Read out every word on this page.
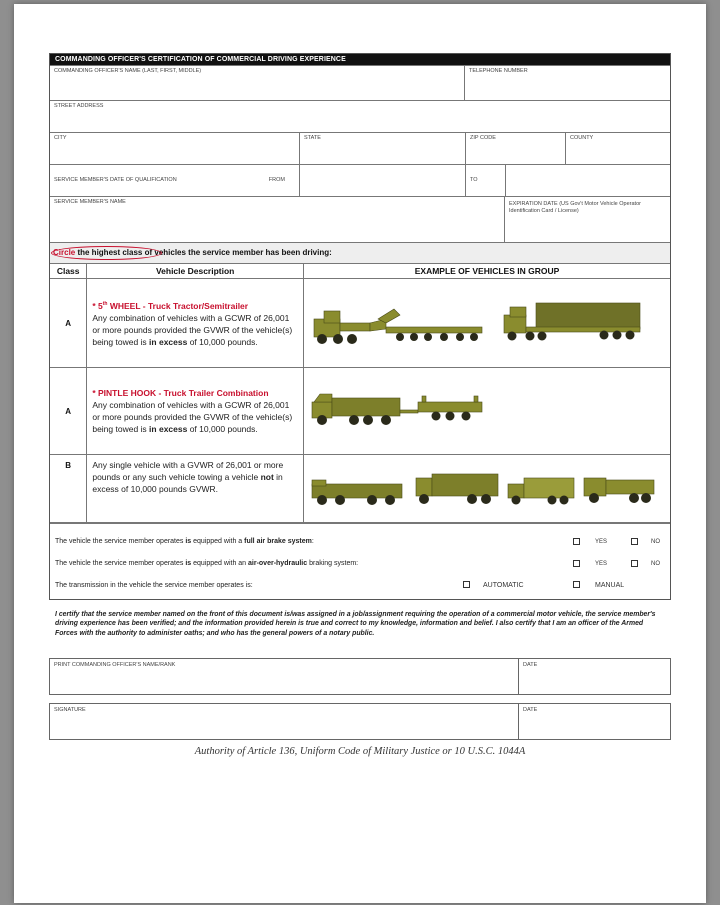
COMMANDING OFFICER'S CERTIFICATION OF COMMERCIAL DRIVING EXPERIENCE
COMMANDING OFFICER'S NAME (LAST, FIRST, MIDDLE)	TELEPHONE NUMBER
STREET ADDRESS
CITY	STATE	ZIP CODE	COUNTY
SERVICE MEMBER'S DATE OF QUALIFICATION	FROM	TO
SERVICE MEMBER'S NAME	EXPIRATION DATE (US Gov't Motor Vehicle Operator Identification Card / License)
Circle the highest class of vehicles the service member has been driving:
Class	Vehicle Description	EXAMPLE OF VEHICLES IN GROUP
A	* 5th WHEEL - Truck Tractor/Semitrailer
Any combination of vehicles with a GCWR of 26,001 or more pounds provided the GVWR of the vehicle(s) being towed is in excess of 10,000 pounds.	

A	* PINTLE HOOK - Truck Trailer Combination
Any combination of vehicles with a GCWR of 26,001 or more pounds provided the GVWR of the vehicle(s) being towed is in excess of 10,000 pounds.	

B	Any single vehicle with a GVWR of 26,001 or more pounds or any such vehicle towing a vehicle not in excess of 10,000 pounds GVWR.	
The vehicle the service member operates is equipped with a full air brake system:	YES	NO
The vehicle the service member operates is equipped with an air-over-hydraulic braking system:	YES	NO
The transmission in the vehicle the service member operates is:	AUTOMATIC	MANUAL
I certify that the service member named on the front of this document is/was assigned in a job/assignment requiring the operation of a commercial motor vehicle, the service member's driving experience has been verified; and the information provided herein is true and correct to my knowledge, information and belief. I also certify that I am an officer of the Armed Forces with the authority to administer oaths; and who has the general powers of a notary public.
PRINT COMMANDING OFFICER'S NAME/RANK	DATE
SIGNATURE	DATE
Authority of Article 136, Uniform Code of Military Justice or 10 U.S.C. 1044A
